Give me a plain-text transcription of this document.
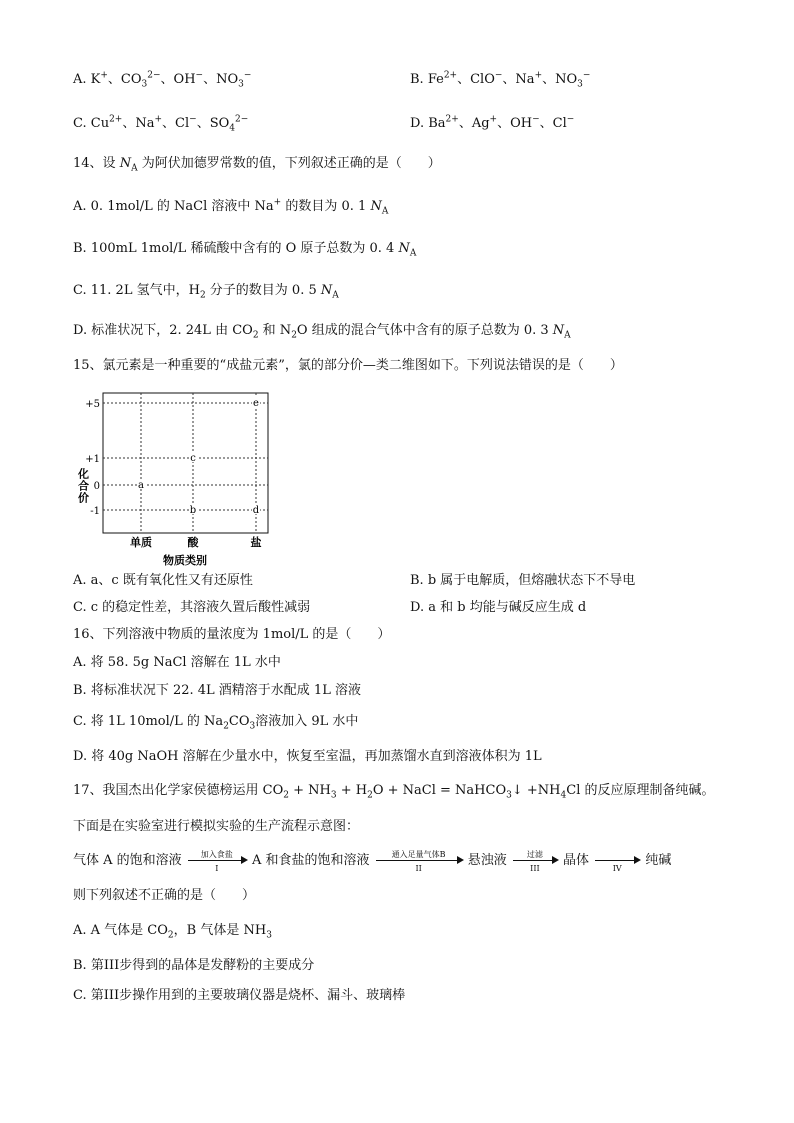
A. K+、$CO_3^{2-}$、OH−、$NO_3^-$	B. $Fe^{2+}$、ClO−、Na+、$NO_3^-$
C. $Cu^{2+}$、Na+、Cl−、$SO_4^{2-}$	D. $Ba^{2+}$、Ag+、OH−、Cl−
14、设 $N_A$ 为阿伏加德罗常数的值，下列叙述正确的是（　　）
A. 0. 1mol/L 的 NaCl 溶液中 Na+ 的数目为 0. 1 $N_A$
B. 100mL 1mol/L 稀硫酸中含有的 O 原子总数为 0. 4 $N_A$
C. 11. 2L 氢气中，$H_2$ 分子的数目为 0. 5 $N_A$
D. 标准状况下，2. 24L 由 $CO_2$ 和 $N_2O$ 组成的混合气体中含有的原子总数为 0. 3 $N_A$
15、氯元素是一种重要的“成盐元素”，氯的部分价—类二维图如下。下列说法错误的是（　　）
+5
+1
0
-1
a
b
c
d
e
单质	酸	盐
化合价
物质类别
A. a、c 既有氧化性又有还原性	B. b 属于电解质，但熔融状态下不导电
C. c 的稳定性差，其溶液久置后酸性减弱	D. a 和 b 均能与碱反应生成 d
16、下列溶液中物质的量浓度为 1mol/L 的是（　　）
A. 将 58. 5g NaCl 溶解在 1L 水中
B. 将标准状况下 22. 4L 酒精溶于水配成 1L 溶液
C. 将 1L 10mol/L 的 $Na_2CO_3$溶液加入 9L 水中
D. 将 40g NaOH 溶解在少量水中，恢复至室温，再加蒸馏水直到溶液体积为 1L
17、我国杰出化学家侯德榜运用 $CO_2 + NH_3 + H_2O$ + NaCl = NaHCO$_3$↓ $+NH_4Cl$ 的反应原理制备纯碱。
下面是在实验室进行模拟实验的生产流程示意图：
气体 A 的饱和溶液	加入食盐
I	A 和食盐的饱和溶液	通入足量气体B
II	悬浊液	过滤
III	晶体	IV	纯碱
则下列叙述不正确的是（　　）
A. A 气体是 $CO_2$，B 气体是 $NH_3$
B. 第III步得到的晶体是发酵粉的主要成分
C. 第III步操作用到的主要玻璃仪器是烧杯、漏斗、玻璃棒
